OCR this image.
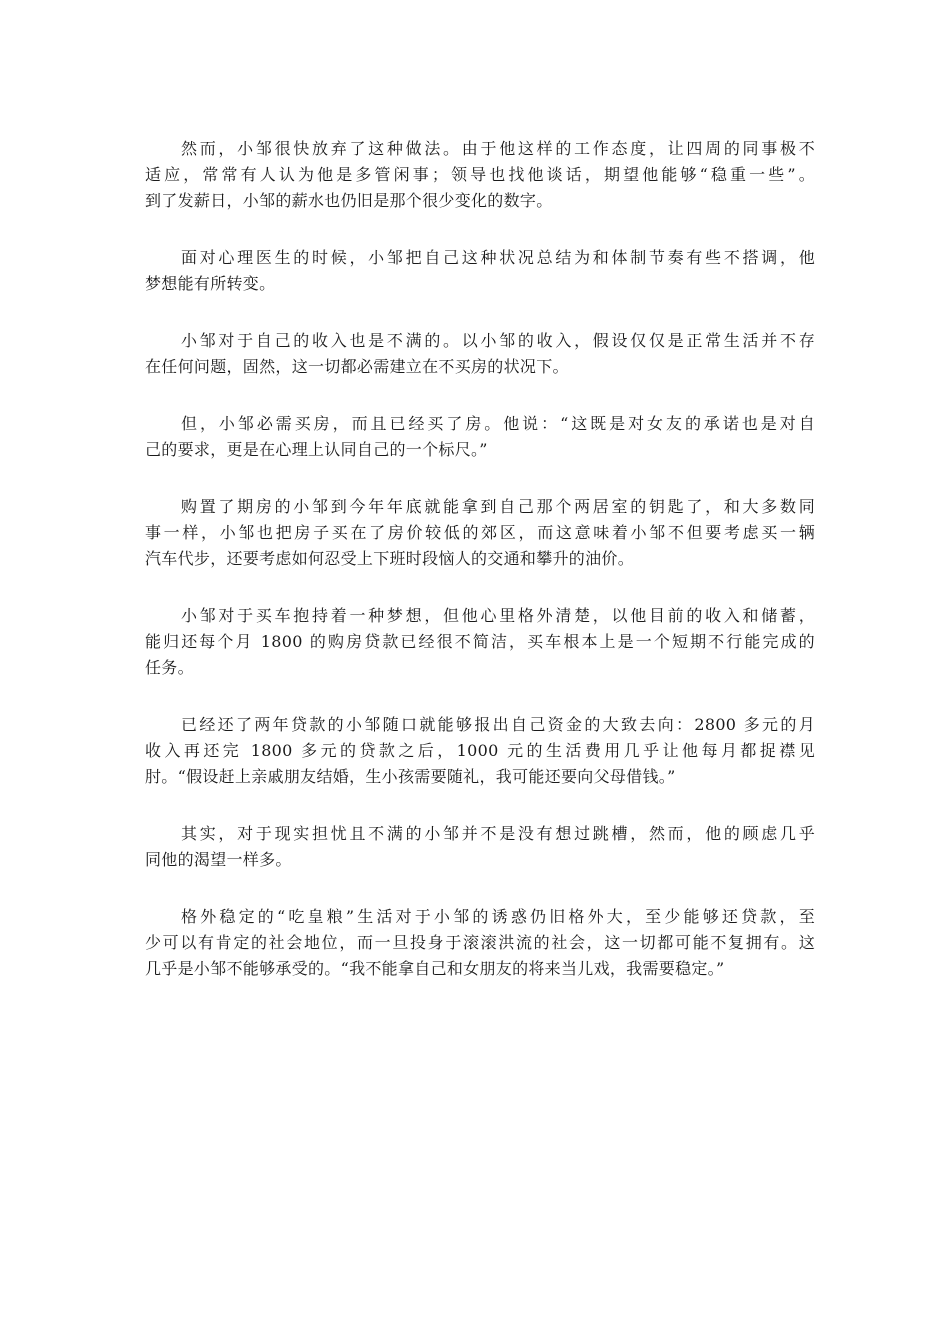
然而，小邹很快放弃了这种做法。由于他这样的工作态度，让四周的同事极不
适应，常常有人认为他是多管闲事；领导也找他谈话，期望他能够“稳重一些”。
到了发薪日，小邹的薪水也仍旧是那个很少变化的数字。

面对心理医生的时候，小邹把自己这种状况总结为和体制节奏有些不搭调，他
梦想能有所转变。

小邹对于自己的收入也是不满的。以小邹的收入，假设仅仅是正常生活并不存
在任何问题，固然，这一切都必需建立在不买房的状况下。

但，小邹必需买房，而且已经买了房。他说：“这既是对女友的承诺也是对自
己的要求，更是在心理上认同自己的一个标尺。”

购置了期房的小邹到今年年底就能拿到自己那个两居室的钥匙了，和大多数同
事一样，小邹也把房子买在了房价较低的郊区，而这意味着小邹不但要考虑买一辆
汽车代步，还要考虑如何忍受上下班时段恼人的交通和攀升的油价。

小邹对于买车抱持着一种梦想，但他心里格外清楚，以他目前的收入和储蓄，
能归还每个月 1800 的购房贷款已经很不简洁，买车根本上是一个短期不行能完成的
任务。

已经还了两年贷款的小邹随口就能够报出自己资金的大致去向：2800 多元的月
收入再还完 1800 多元的贷款之后，1000 元的生活费用几乎让他每月都捉襟见
肘。“假设赶上亲戚朋友结婚，生小孩需要随礼，我可能还要向父母借钱。”

其实，对于现实担忧且不满的小邹并不是没有想过跳槽，然而，他的顾虑几乎
同他的渴望一样多。

格外稳定的“吃皇粮”生活对于小邹的诱惑仍旧格外大，至少能够还贷款，至
少可以有肯定的社会地位，而一旦投身于滚滚洪流的社会，这一切都可能不复拥有。这
几乎是小邹不能够承受的。“我不能拿自己和女朋友的将来当儿戏，我需要稳定。”
